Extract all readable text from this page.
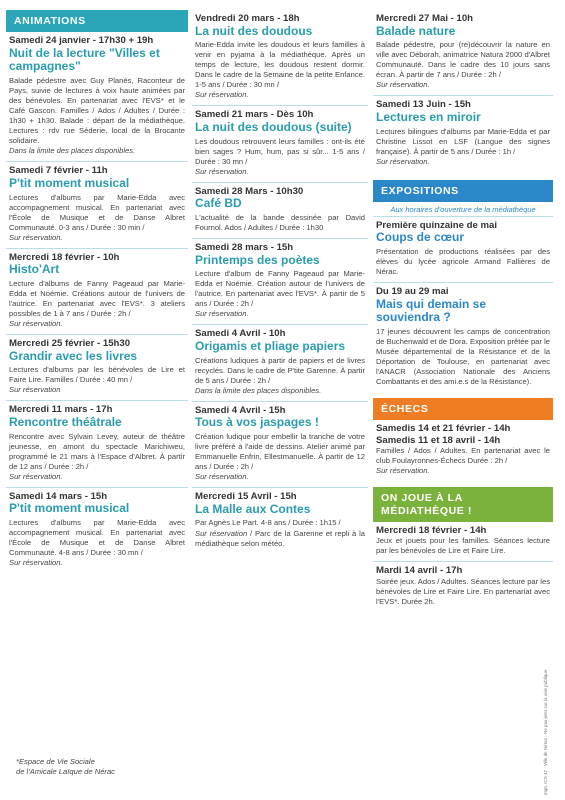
ANIMATIONS
Samedi 24 janvier - 17h30 + 19h
Nuit de la lecture "Villes et campagnes"

Balade pédestre avec Guy Planès, Raconteur de Pays, suivie de lectures à voix haute animées par des bénévoles. En partenariat avec l'EVS* et le Café Gascon. Familles / Ados / Adultes / Durée : 1h30 + 1h30. Balade : départ de la médiathèque. Lectures : rdv rue Séderie, local de la Brocante solidaire.

Dans la limite des places disponibles.

Samedi 7 février - 11h
P'tit moment musical

Lectures d'albums par Marie-Edda avec accompagnement musical. En partenariat avec l'École de Musique et de Danse Albret Communauté. 0-3 ans / Durée : 30 min /

Sur réservation.

Mercredi 18 février - 10h
Histo'Art

Lecture d'albums de Fanny Pageaud par Marie-Edda et Noémie. Créations autour de l'univers de l'autrice. En partenariat avec l'EVS*. 3 ateliers possibles de 1 à 7 ans / Durée : 2h /

Sur réservation.

Mercredi 25 février - 15h30
Grandir avec les livres

Lectures d'albums par les bénévoles de Lire et Faire Lire. Familles / Durée : 40 mn /

Sur réservation

Mercredi 11 mars - 17h
Rencontre théâtrale

Rencontre avec Sylvain Levey, auteur de théâtre jeunesse, en amont du spectacle Marichiweu, programmé le 21 mars à l'Espace d'Albret. À partir de 12 ans / Durée : 2h /

Sur réservation.

Samedi 14 mars - 15h
P'tit moment musical

Lectures d'albums par Marie-Edda avec accompagnement musical. En partenariat avec l'École de Musique et de Danse Albret Communauté. 4-8 ans / Durée : 30 mn /

Sur réservation.

*Espace de Vie Sociale
de l'Amicale Laïque de Nérac
Vendredi 20 mars - 18h
La nuit des doudous

Marie-Edda invite les doudous et leurs familles à venir en pyjama à la médiathèque. Après un temps de lecture, les doudous restent dormir. Dans le cadre de la Semaine de la petite Enfance. 1-5 ans / Durée : 30 mn /

Sur réservation.

Samedi 21 mars - Dès 10h
La nuit des doudous (suite)

Les doudous retrouvent leurs familles : ont-ils été bien sages ? Hum, hum, pas si sûr... 1-5 ans / Durée : 30 mn /

Sur réservation.

Samedi 28 Mars - 10h30
Café BD

L'actualité de la bande dessinée par David Fournol. Ados / Adultes / Durée : 1h30

Samedi 28 mars - 15h
Printemps des poètes

Lecture d'album de Fanny Pageaud par Marie-Edda et Noémie. Création autour de l'univers de l'autrice. En partenariat avec l'EVS*. À partir de 5 ans / Durée : 2h /

Sur réservation.

Samedi 4 Avril - 10h
Origamis et pliage papiers

Créations ludiques à partir de papiers et de livres recyclés. Dans le cadre de P'tite Garenne. À partir de 5 ans / Durée : 2h /

Dans la limite des places disponibles.

Samedi 4 Avril - 15h
Tous à vos jaspages !

Création ludique pour embellir la tranche de votre livre préféré à l'aide de dessins. Atelier animé par Emmanuelle Enfrin, Ellestmanuelle. À partir de 12 ans / Durée : 2h /

Sur réservation.

Mercredi 15 Avril - 15h
La Malle aux Contes

Par Agnès Le Part. 4-8 ans / Durée : 1h15 /

Sur réservation / Parc de la Garenne et repli à la médiathèque selon météo.

Mercredi 27 Mai - 10h
Balade nature

Balade pédestre, pour (re)découvrir la nature en ville avec Déborah, animatrice Natura 2000 d'Albret Communauté. Dans le cadre des 10 jours sans écran. À partir de 7 ans / Durée : 2h /

Sur réservation.

Samedi 13 Juin - 15h
Lectures en miroir

Lectures bilingues d'albums par Marie-Edda et par Christine Lissot en LSF (Langue des signes française). À partir de 5 ans / Durée : 1h /

Sur réservation.

EXPOSITIONS
Aux horaires d'ouverture de la médiathèque
Première quinzaine de mai
Coups de cœur
Présentation de productions réalisées par des élèves du lycée agricole Armand Fallières de Nérac.
Du 19 au 29 mai
Mais qui demain se souviendra ?
17 jeunes découvrent les camps de concentration de Buchenwald et de Dora. Exposition prêtée par le Musée départemental de la Résistance et de la Déportation de Toulouse, en partenariat avec l'ANACR (Association Nationale des Anciens Combattants et des ami.e.s de la Résistance).
ÉCHECS
Samedis 14 et 21 février - 14h
Samedis 11 et 18 avril - 14h

Familles / Ados / Adultes. En partenariat avec le club Foulayronnes-Échecs Durée : 2h /

Sur réservation.

ON JOUE À LA MÉDIATHÈQUE !
Mercredi 18 février - 14h
Jeux et jouets pour les familles. Séances lecture par les bénévoles de Lire et Faire Lire.
Mardi 14 avril - 17h
Soirée jeux. Ados / Adultes. Séances lecture par les bénévoles de Lire et Faire Lire. En partenariat avec l'EVS*. Durée 2h.
Impr. ICS 47 - Ville de Nérac - Ne pas jeter sur la voie publique
